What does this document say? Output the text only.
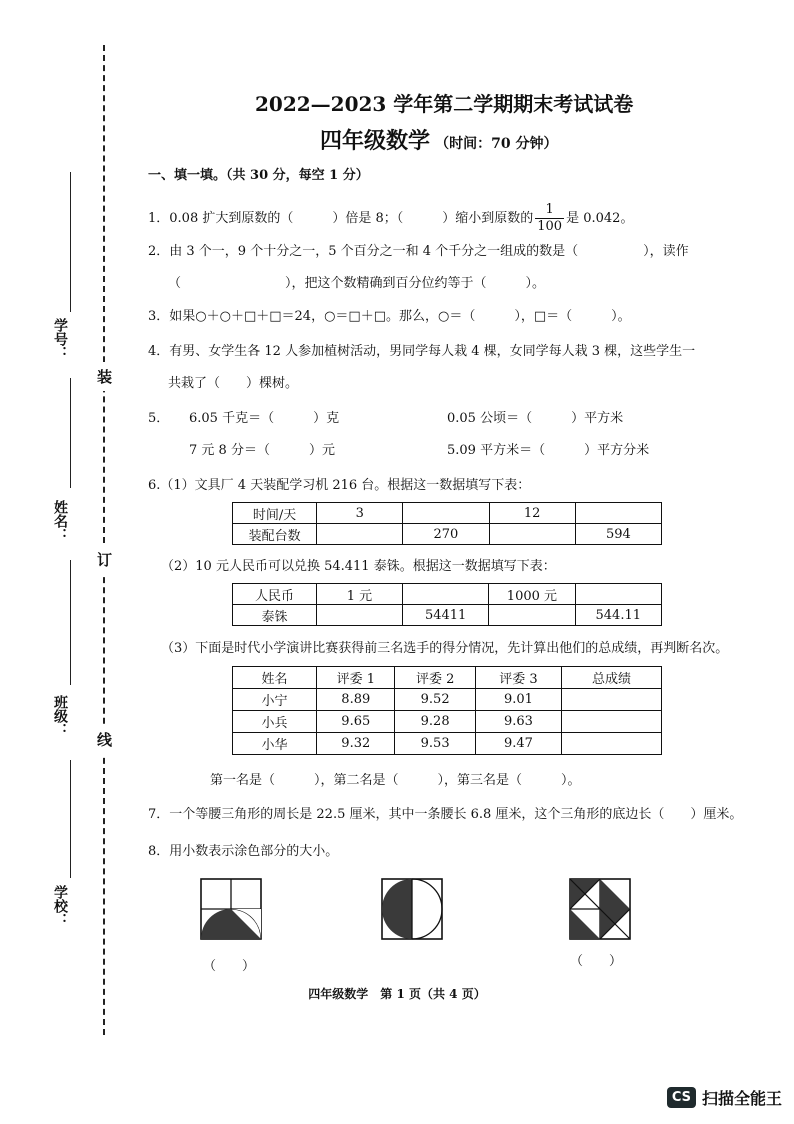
学号：
姓名：
班级：
学校：
装
订
线
2022—2023 学年第二学期期末考试试卷
四年级数学 （时间：70 分钟）
一、填一填。（共 30 分，每空 1 分）
1．0.08 扩大到原数的（　　　）倍是 8；（　　　）缩小到原数的 $\frac{1}{100}$ 是 0.042。
2．由 3 个一，9 个十分之一，5 个百分之一和 4 个千分之一组成的数是（　　　　　），读作
（　　　　　　　　），把这个数精确到百分位约等于（　　　）。
3．如果○＋○＋□＋□＝24，○＝□＋□。那么，○＝（　　　），□＝（　　　）。
4．有男、女学生各 12 人参加植树活动，男同学每人栽 4 棵，女同学每人栽 3 棵，这些学生一
共栽了（　　）棵树。
5． 6.05 千克＝（　　　）克	0.05 公顷＝（　　　）平方米
7 元 8 分＝（　　　）元	5.09 平方米＝（　　　）平方分米
6.（1）文具厂 4 天装配学习机 216 台。根据这一数据填写下表：
时间/天	3		12	
装配台数		270		594
（2）10 元人民币可以兑换 54.411 泰铢。根据这一数据填写下表：
人民币	1 元		1000 元	
泰铢		54411		544.11
（3）下面是时代小学演讲比赛获得前三名选手的得分情况，先计算出他们的总成绩，再判断名次。
姓名	评委 1	评委 2	评委 3	总成绩
小宁	8.89	9.52	9.01	
小兵	9.65	9.28	9.63	
小华	9.32	9.53	9.47	
第一名是（　　　），第二名是（　　　），第三名是（　　　）。
7．一个等腰三角形的周长是 22.5 厘米，其中一条腰长 6.8 厘米，这个三角形的底边长（　　）厘米。
8．用小数表示涂色部分的大小。
（　　）	（　　）
四年级数学　第 1 页（共 4 页）
CS 扫描全能王
